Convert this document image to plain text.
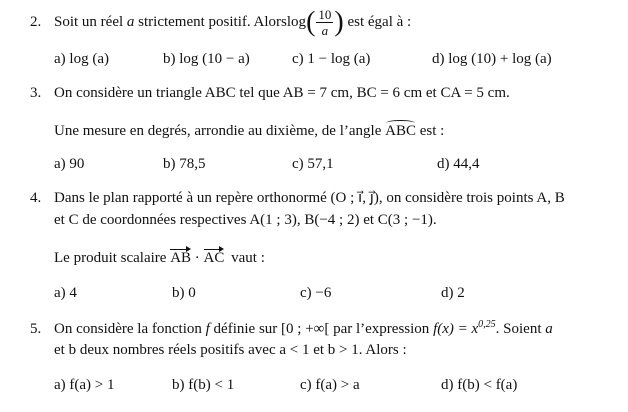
2. Soit un réel a strictement positif. Alorslog( $\frac{10}{a}$ ) est égal à :
a) log (a)	b) log (10 − a)	c) 1 − log (a)	d) log (10) + log (a)
3. On considère un triangle ABC tel que AB = 7 cm, BC = 6 cm et CA = 5 cm.
Une mesure en degrés, arrondie au dixième, de l’angle ABC est :
a) 90	b) 78,5	c) 57,1	d) 44,4
4. Dans le plan rapporté à un repère orthonormé (O ; ı⃗, ȷ⃗), on considère trois points A, B
et C de coordonnées respectives A(1 ; 3), B(−4 ; 2) et C(3 ; −1).
Le produit scalaire AB · AC vaut :
a) 4	b) 0	c) −6	d) 2
5. On considère la fonction f définie sur [0 ; +∞[ par l’expression $f(x) = x^{0,25}$. Soient a
et b deux nombres réels positifs avec a < 1 et b > 1. Alors :
a) f(a) > 1	b) f(b) < 1	c) f(a) > a	d) f(b) < f(a)
